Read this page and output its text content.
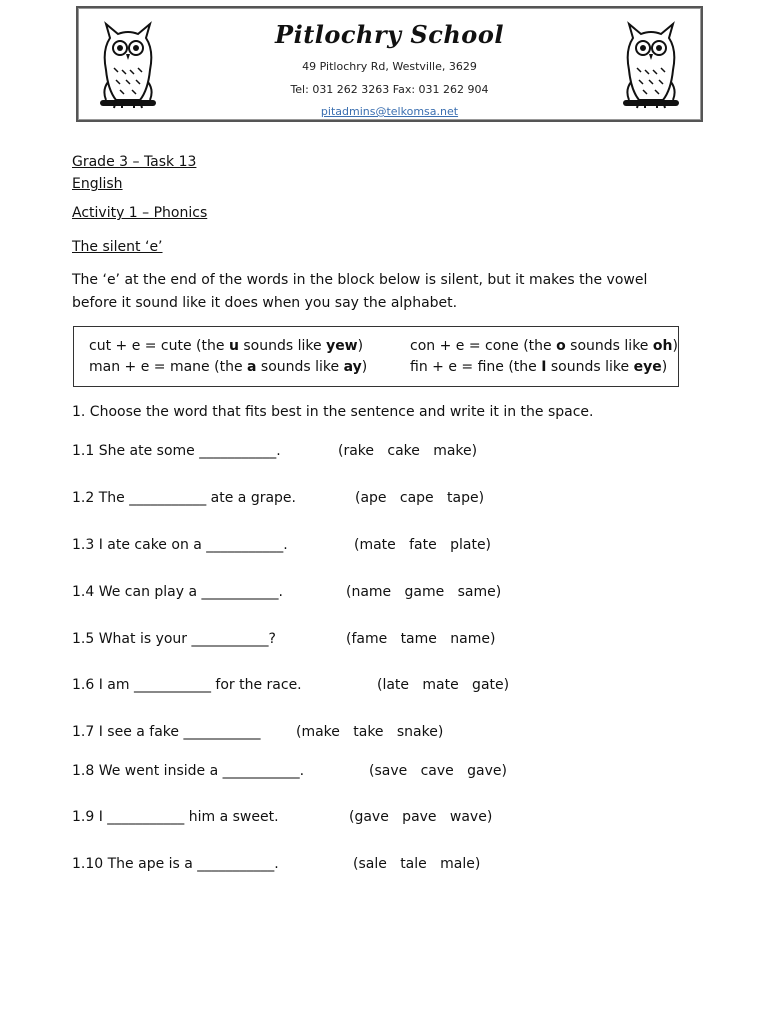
Pitlochry School
49 Pitlochry Rd, Westville, 3629
Tel: 031 262 3263 Fax: 031 262 904
pitadmins@telkomsa.net
Grade 3 – Task 13
English
Activity 1 – Phonics
The silent ‘e’
The ‘e’ at the end of the words in the block below is silent, but it makes the vowel before it sound like it does when you say the alphabet.
cut + e = cute (the u sounds like yew)	con + e = cone (the o sounds like oh)
man + e = mane (the a sounds like ay)	fin + e = fine (the I sounds like eye)
1. Choose the word that fits best in the sentence and write it in the space.
1.1 She ate some ___________.	(rake   cake   make)
1.2 The ___________ ate a grape.	(ape   cape   tape)
1.3 I ate cake on a ___________.	(mate   fate   plate)
1.4 We can play a ___________.	(name   game   same)
1.5 What is your ___________?	(fame   tame   name)
1.6 I am ___________ for the race.	(late   mate   gate)
1.7 I see a fake ___________	(make   take   snake)
1.8 We went inside a ___________.	(save   cave   gave)
1.9 I ___________ him a sweet.	(gave   pave   wave)
1.10 The ape is a ___________.	(sale   tale   male)
